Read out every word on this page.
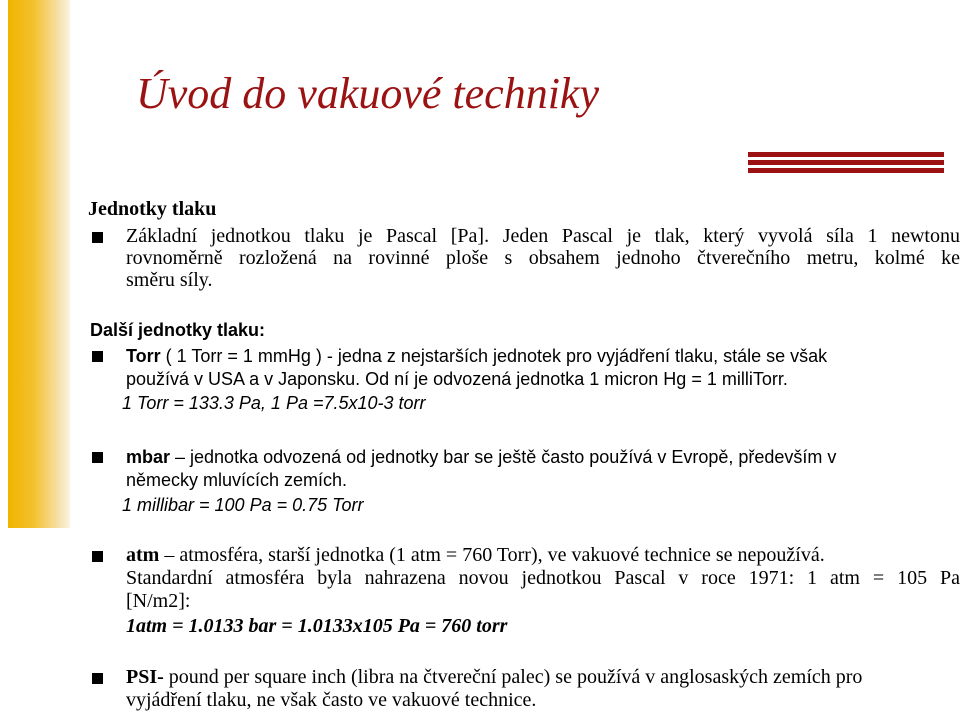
Úvod do vakuové techniky
Jednotky tlaku
Základní jednotkou tlaku je Pascal [Pa]. Jeden Pascal je tlak, který vyvolá síla 1 newtonu
rovnoměrně rozložená na rovinné ploše s obsahem jednoho čtverečního metru, kolmé ke
směru síly.
Další jednotky tlaku:
Torr ( 1 Torr = 1 mmHg ) - jedna z nejstarších jednotek pro vyjádření tlaku, stále se však
používá v USA a v Japonsku. Od ní je odvozená jednotka 1 micron Hg = 1 milliTorr.
1 Torr = 133.3 Pa, 1 Pa =7.5x10-3 torr
mbar – jednotka odvozená od jednotky bar se ještě často používá v Evropě, především v
německy mluvících zemích.
1 millibar = 100 Pa = 0.75 Torr
atm – atmosféra, starší jednotka (1 atm = 760 Torr), ve vakuové technice se nepoužívá.
Standardní atmosféra byla nahrazena novou jednotkou Pascal v roce 1971: 1 atm = 105 Pa
[N/m2]:
1atm = 1.0133 bar = 1.0133x105 Pa = 760 torr
PSI- pound per square inch (libra na čtvereční palec) se používá v anglosaských zemích pro
vyjádření tlaku, ne však často ve vakuové technice.
